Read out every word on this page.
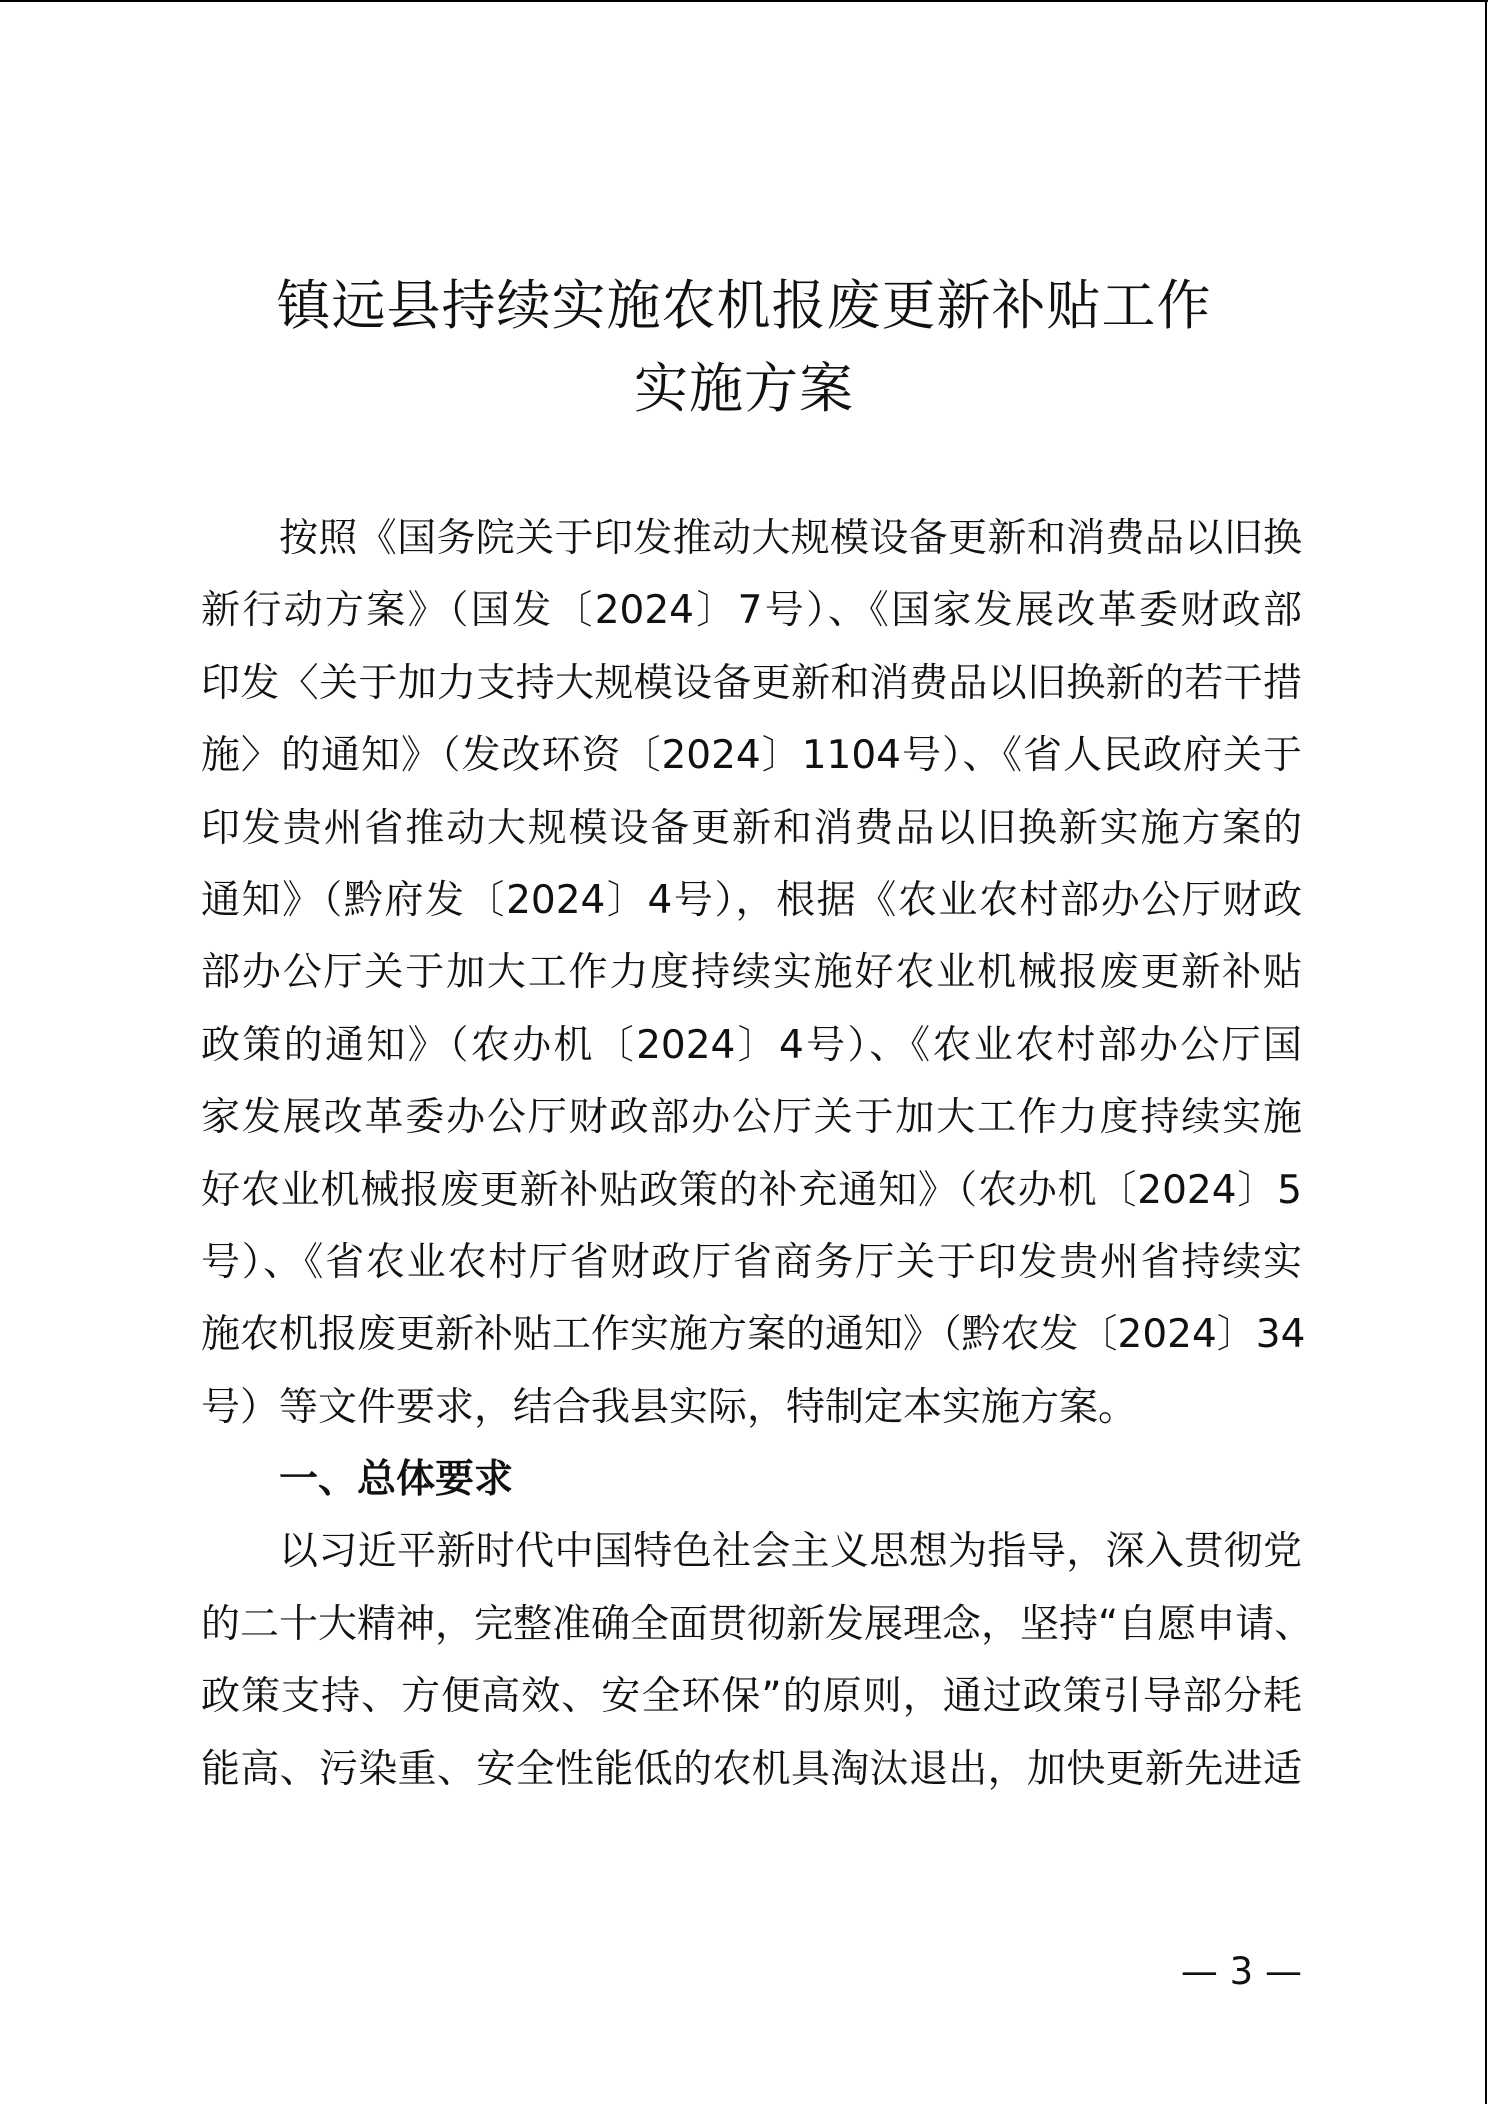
镇远县持续实施农机报废更新补贴工作
实施方案
按照《国务院关于印发推动大规模设备更新和消费品以旧换
新行动方案》（国发〔2024〕7号）、《国家发展改革委财政部
印发〈关于加力支持大规模设备更新和消费品以旧换新的若干措
施〉的通知》（发改环资〔2024〕1104号）、《省人民政府关于
印发贵州省推动大规模设备更新和消费品以旧换新实施方案的
通知》（黔府发〔2024〕4号），根据《农业农村部办公厅财政
部办公厅关于加大工作力度持续实施好农业机械报废更新补贴
政策的通知》（农办机〔2024〕4号）、《农业农村部办公厅国
家发展改革委办公厅财政部办公厅关于加大工作力度持续实施
好农业机械报废更新补贴政策的补充通知》（农办机〔2024〕5
号）、《省农业农村厅省财政厅省商务厅关于印发贵州省持续实
施农机报废更新补贴工作实施方案的通知》（黔农发〔2024〕34
号）等文件要求，结合我县实际，特制定本实施方案。
一、总体要求
以习近平新时代中国特色社会主义思想为指导，深入贯彻党
的二十大精神，完整准确全面贯彻新发展理念，坚持“自愿申请、
政策支持、方便高效、安全环保”的原则，通过政策引导部分耗
能高、污染重、安全性能低的农机具淘汰退出，加快更新先进适
— 3 —
